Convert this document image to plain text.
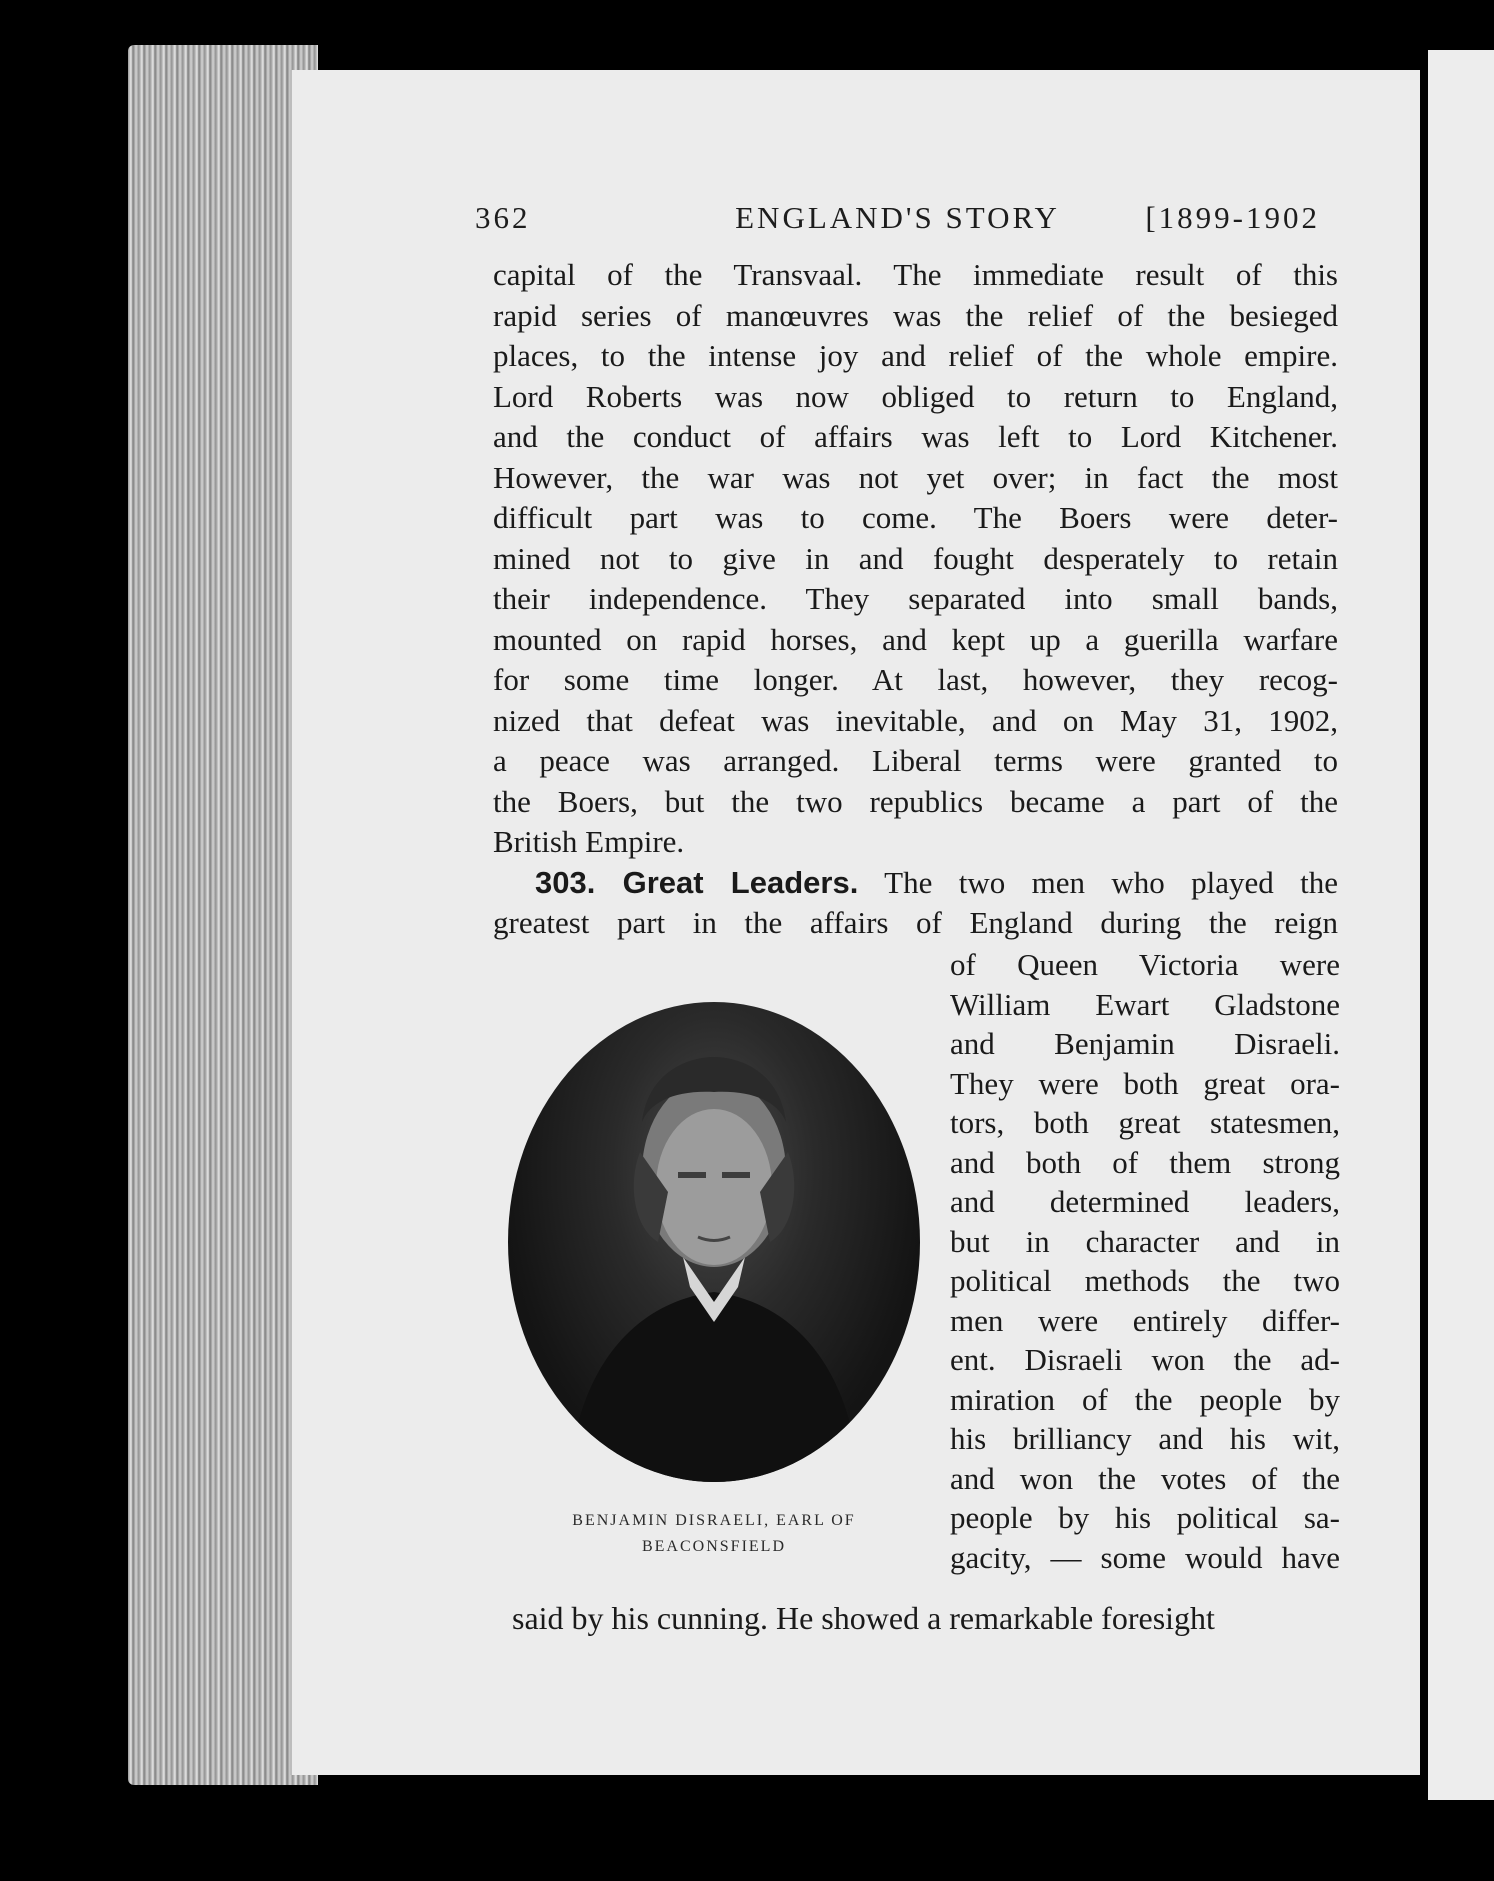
362	ENGLAND'S STORY	[1899-1902
capital of the Transvaal. The immediate result of this
rapid series of manœuvres was the relief of the besieged
places, to the intense joy and relief of the whole empire.
Lord Roberts was now obliged to return to England,
and the conduct of affairs was left to Lord Kitchener.
However, the war was not yet over; in fact the most
difficult part was to come. The Boers were deter-
mined not to give in and fought desperately to retain
their independence. They separated into small bands,
mounted on rapid horses, and kept up a guerilla warfare
for some time longer. At last, however, they recog-
nized that defeat was inevitable, and on May 31, 1902,
a peace was arranged. Liberal terms were granted to
the Boers, but the two republics became a part of the
British Empire.
303. Great Leaders. The two men who played the
greatest part in the affairs of England during the reign
BENJAMIN DISRAELI, EARL OF
BEACONSFIELD
of Queen Victoria were
William Ewart Gladstone
and Benjamin Disraeli.
They were both great ora-
tors, both great statesmen,
and both of them strong
and determined leaders,
but in character and in
political methods the two
men were entirely differ-
ent. Disraeli won the ad-
miration of the people by
his brilliancy and his wit,
and won the votes of the
people by his political sa-
gacity, — some would have
said by his cunning. He showed a remarkable foresight
